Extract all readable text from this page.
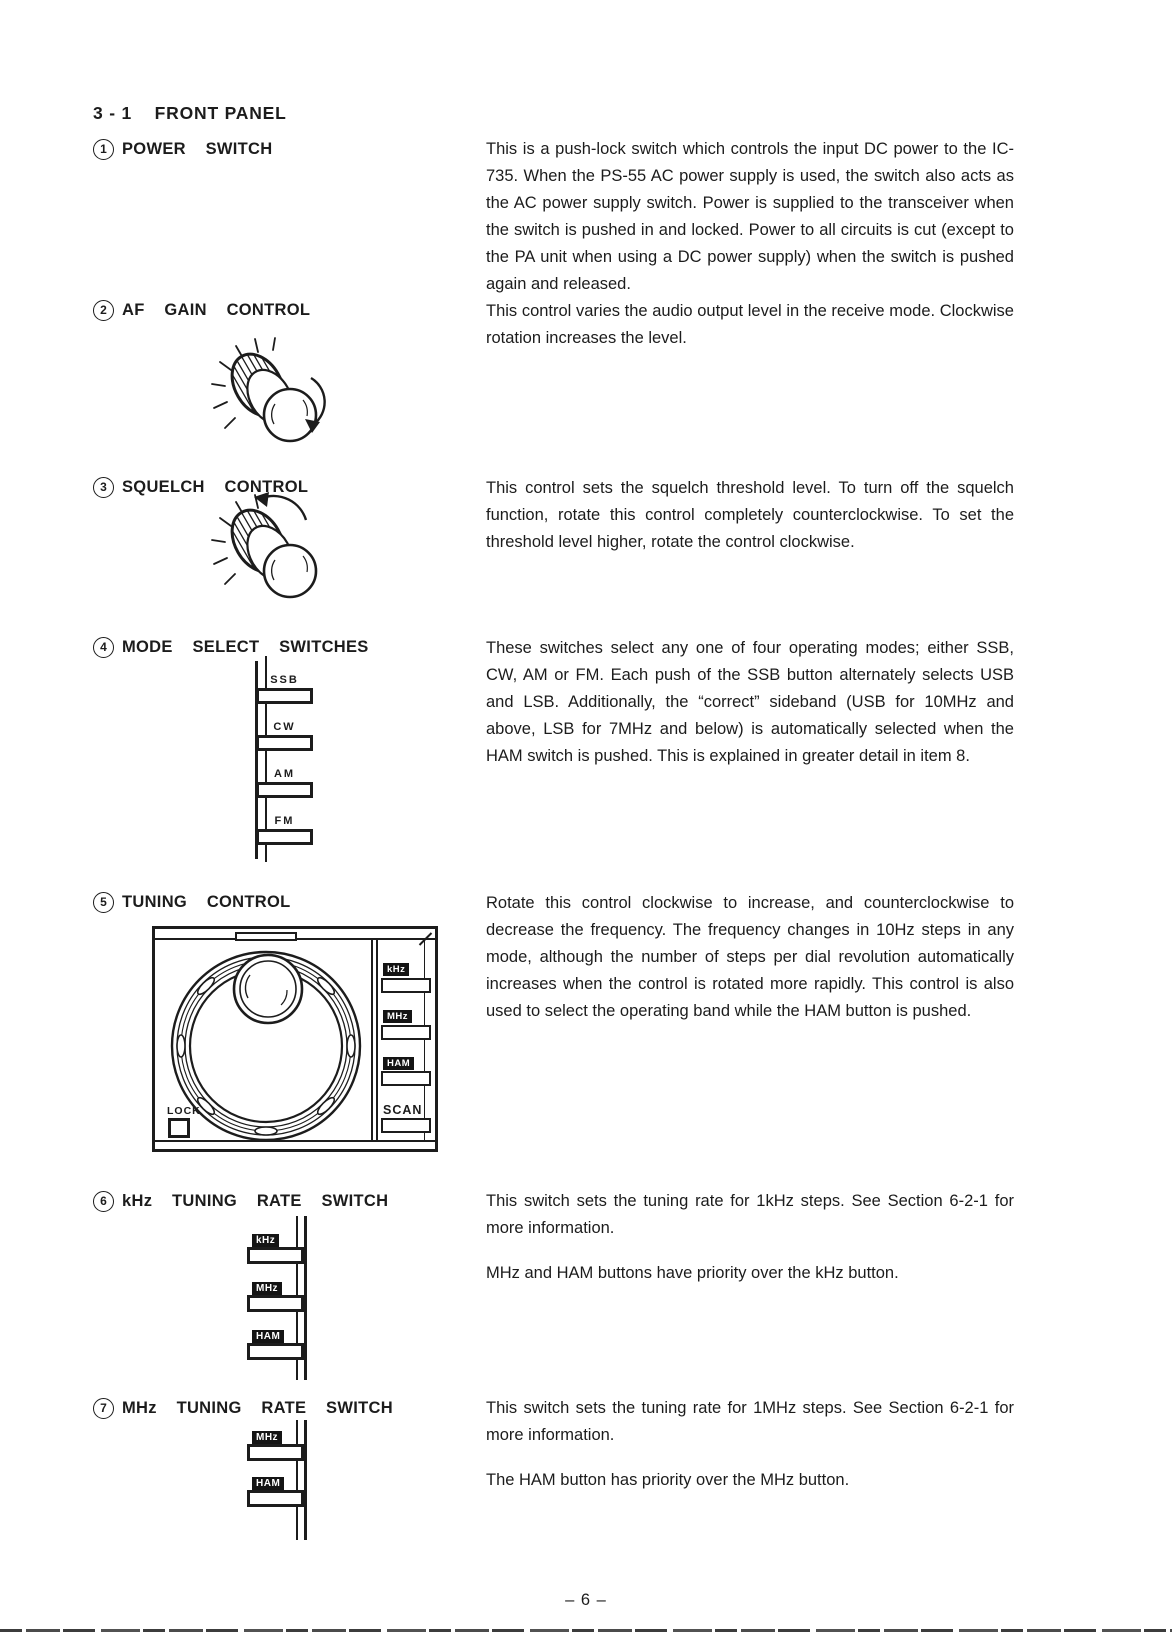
3 - 1    FRONT PANEL
1 POWER  SWITCH	This is a push-lock switch which controls the input DC power to the IC-735. When the PS-55 AC power supply is used, the switch also acts as the AC power supply switch. Power is supplied to the transceiver when the switch is pushed in and locked. Power to all circuits is cut (except to the PA unit when using a DC power supply) when the switch is pushed again and released.

2 AF  GAIN  CONTROL	This control varies the audio output level in the receive mode. Clockwise rotation increases the level.

3 SQUELCH  CONTROL	This control sets the squelch threshold level. To turn off the squelch function, rotate this control completely counterclockwise. To set the threshold level higher, rotate the control clockwise.

4 MODE  SELECT  SWITCHES	These switches select any one of four operating modes; either SSB, CW, AM or FM. Each push of the SSB button alternately selects USB and LSB. Additionally, the “correct” sideband (USB for 10MHz and above, LSB for 7MHz and below) is automatically selected when the HAM switch is pushed. This is explained in greater detail in item 8.

SSB
CW
AM
FM
5 TUNING  CONTROL	Rotate this control clockwise to increase, and counterclockwise to decrease the frequency. The frequency changes in 10Hz steps in any mode, although the number of steps per dial revolution automatically increases when the control is rotated more rapidly. This control is also used to select the operating band while the HAM button is pushed.

kHz
MHz
HAM
SCAN
LOCK
6 kHz  TUNING  RATE  SWITCH	This switch sets the tuning rate for 1kHz steps. See Section 6-2-1 for more information.

MHz and HAM buttons have priority over the kHz button.

kHz
MHz
HAM
7 MHz  TUNING  RATE  SWITCH	This switch sets the tuning rate for 1MHz steps. See Section 6-2-1 for more information.

The HAM button has priority over the MHz button.

MHz
HAM
– 6 –
